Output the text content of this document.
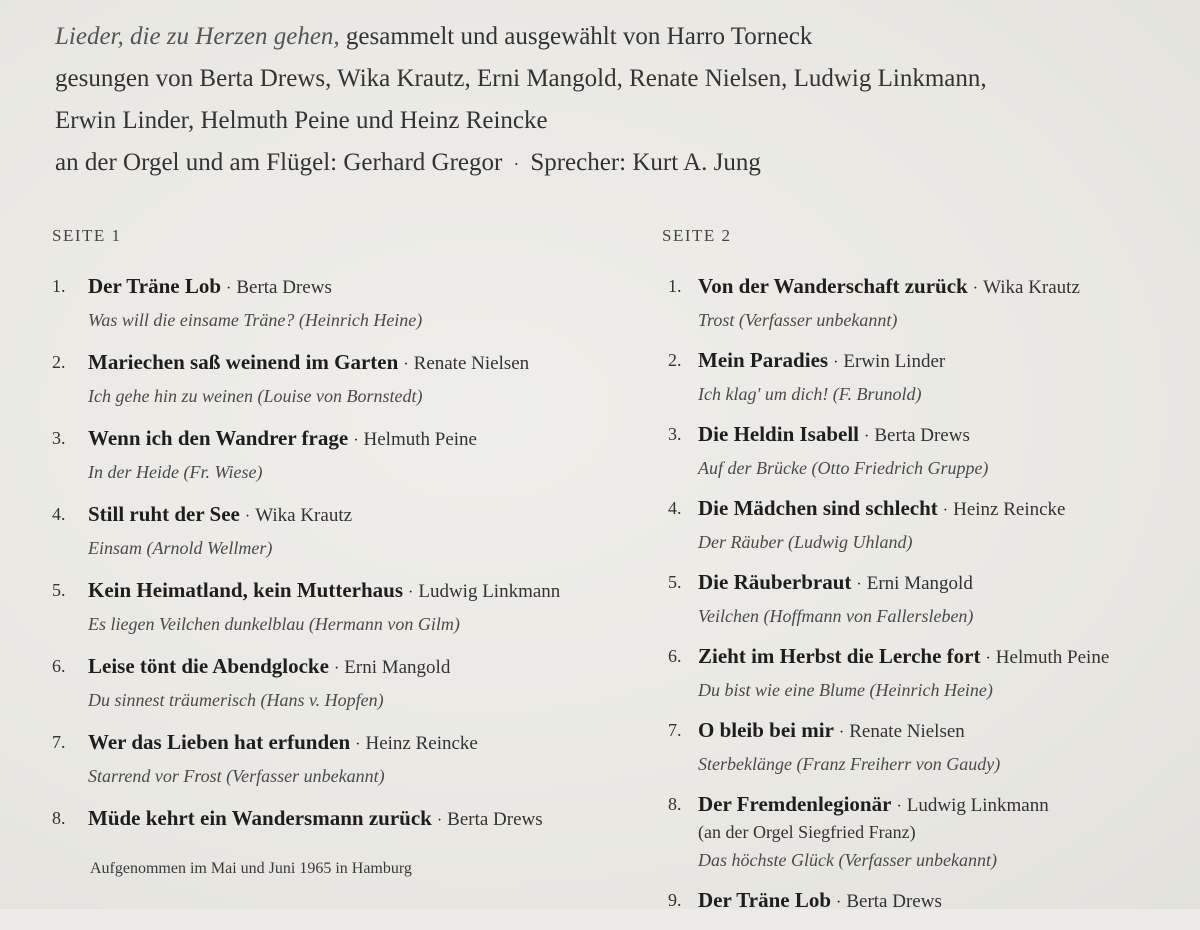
Lieder, die zu Herzen gehen, gesammelt und ausgewählt von Harro Torneck
gesungen von Berta Drews, Wika Krautz, Erni Mangold, Renate Nielsen, Ludwig Linkmann,
Erwin Linder, Helmuth Peine und Heinz Reincke
an der Orgel und am Flügel: Gerhard Gregor · Sprecher: Kurt A. Jung
SEITE 1
1. Der Träne Lob · Berta Drews
Was will die einsame Träne? (Heinrich Heine)
2. Mariechen saß weinend im Garten · Renate Nielsen
Ich gehe hin zu weinen (Louise von Bornstedt)
3. Wenn ich den Wandrer frage · Helmuth Peine
In der Heide (Fr. Wiese)
4. Still ruht der See · Wika Krautz
Einsam (Arnold Wellmer)
5. Kein Heimatland, kein Mutterhaus · Ludwig Linkmann
Es liegen Veilchen dunkelblau (Hermann von Gilm)
6. Leise tönt die Abendglocke · Erni Mangold
Du sinnest träumerisch (Hans v. Hopfen)
7. Wer das Lieben hat erfunden · Heinz Reincke
Starrend vor Frost (Verfasser unbekannt)
8. Müde kehrt ein Wandersmann zurück · Berta Drews
SEITE 2
1. Von der Wanderschaft zurück · Wika Krautz
Trost (Verfasser unbekannt)
2. Mein Paradies · Erwin Linder
Ich klag' um dich! (F. Brunold)
3. Die Heldin Isabell · Berta Drews
Auf der Brücke (Otto Friedrich Gruppe)
4. Die Mädchen sind schlecht · Heinz Reincke
Der Räuber (Ludwig Uhland)
5. Die Räuberbraut · Erni Mangold
Veilchen (Hoffmann von Fallersleben)
6. Zieht im Herbst die Lerche fort · Helmuth Peine
Du bist wie eine Blume (Heinrich Heine)
7. O bleib bei mir · Renate Nielsen
Sterbeklänge (Franz Freiherr von Gaudy)
8. Der Fremdenlegionär · Ludwig Linkmann
(an der Orgel Siegfried Franz)
Das höchste Glück (Verfasser unbekannt)
9. Der Träne Lob · Berta Drews
Aufgenommen im Mai und Juni 1965 in Hamburg
